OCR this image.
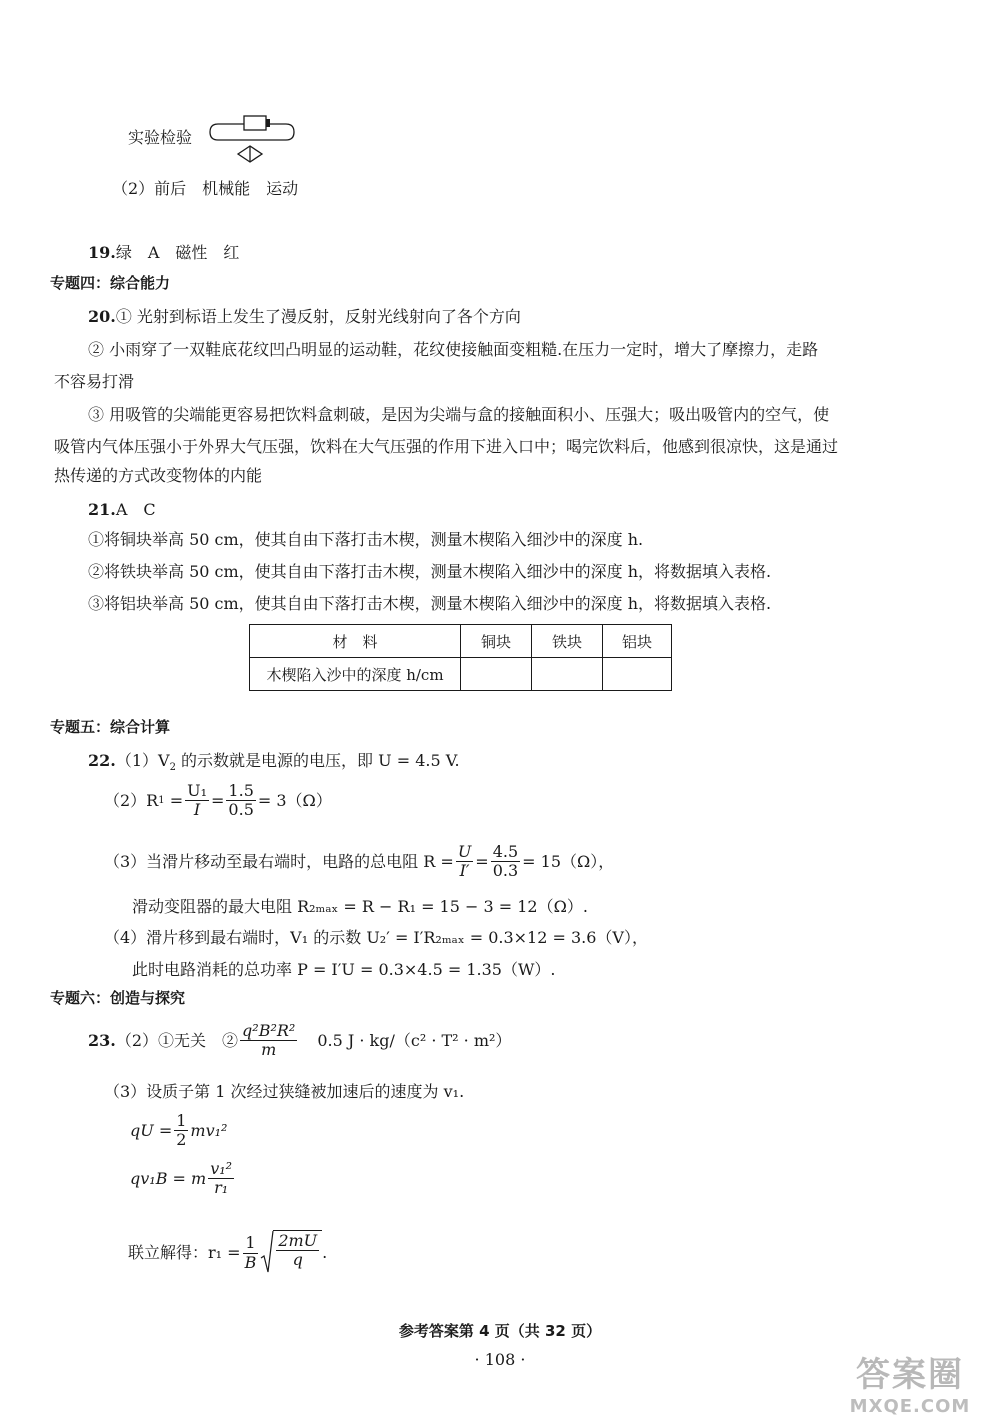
实验检验
（2）前后　机械能　运动
19.绿　A　磁性　红
专题四：综合能力
20.① 光射到标语上发生了漫反射，反射光线射向了各个方向
② 小雨穿了一双鞋底花纹凹凸明显的运动鞋，花纹使接触面变粗糙.在压力一定时，增大了摩擦力，走路
不容易打滑
③ 用吸管的尖端能更容易把饮料盒刺破，是因为尖端与盒的接触面积小、压强大；吸出吸管内的空气，使
吸管内气体压强小于外界大气压强，饮料在大气压强的作用下进入口中；喝完饮料后，他感到很凉快，这是通过
热传递的方式改变物体的内能
21.A　C
①将铜块举高 50 cm，使其自由下落打击木楔，测量木楔陷入细沙中的深度 h.
②将铁块举高 50 cm，使其自由下落打击木楔，测量木楔陷入细沙中的深度 h，将数据填入表格.
③将铝块举高 50 cm，使其自由下落打击木楔，测量木楔陷入细沙中的深度 h，将数据填入表格.
材　料	铜块	铁块	铝块
木楔陷入沙中的深度 h/cm			
专题五：综合计算
$22.(1)V_2$ 的示数就是电源的电压，即 U = 4.5 V.
（2）R $1 = \frac{\text{U₁}}{I} = \frac{1.5}{0.5} = 3(\Omega)$
（3）当滑片移动至最右端时，电路的总电阻 $R = \frac{U}{I'} = \frac{4.5}{0.3} = 15(\Omega)$，
滑动变阻器的最大电阻 R₂ₘₐₓ = R − R₁ = 15 − 3 = 12（Ω）.
（4）滑片移到最右端时，V₁ 的示数 U₂′ = I′R₂ₘₐₓ = 0.3×12 = 3.6（V），
此时电路消耗的总功率 P = I′U = 0.3×4.5 = 1.35（W）.
专题六：创造与探究
23. （2）①无关　② $\frac{\text{q²B²R²}}{m} 0.5$ J · kg/（c² · T² · m²）
（3）设质子第 1 次经过狭缝被加速后的速度为 v₁.
qU = $\frac{1}{2} mv_1^2$
qv₁B = m $\frac{\text{v₁²}}{\text{r₁}}$
联立解得：$r_1 = \frac{1}{B} \frac{2mU}{q}$ .
参考答案第 4 页（共 32 页）
· 108 ·	答案圈
MXQE.COM
